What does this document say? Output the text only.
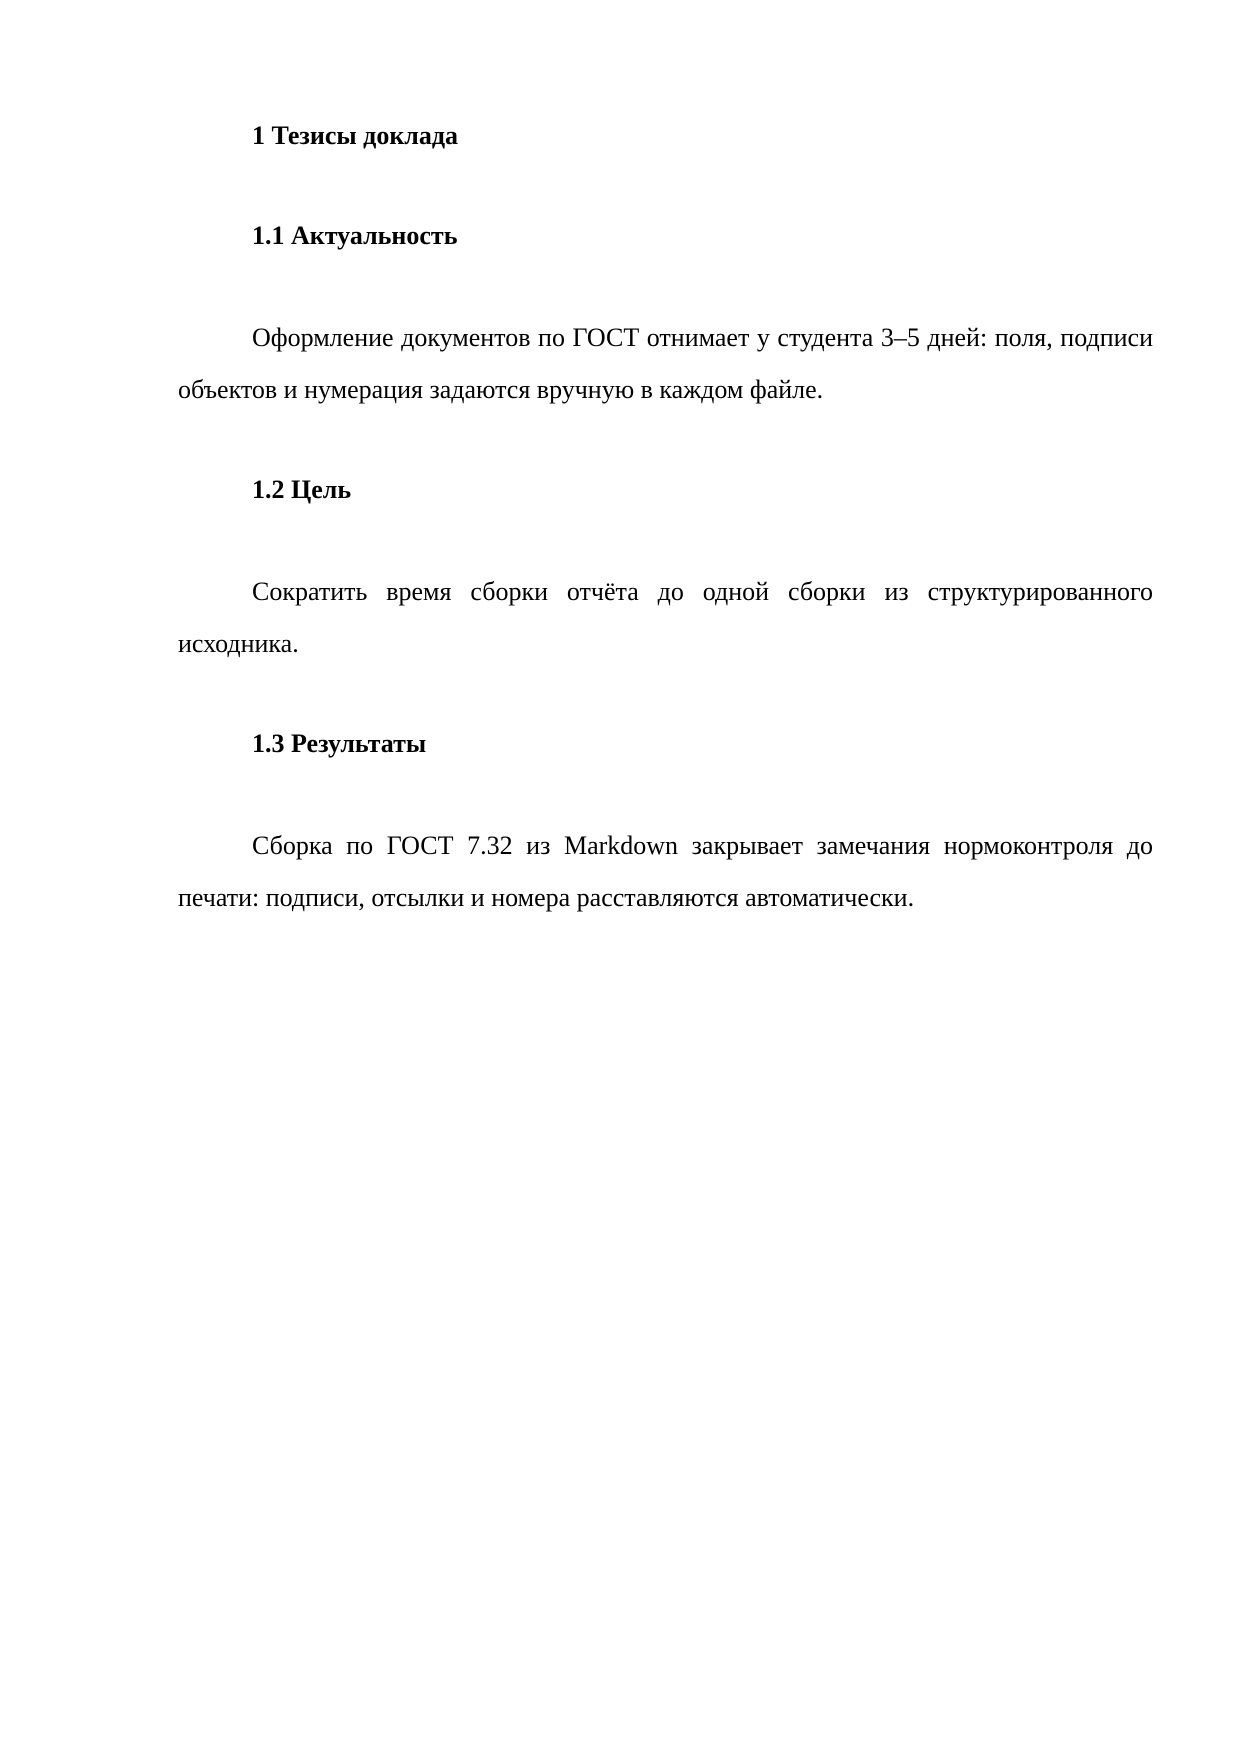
1 Тезисы доклада
1.1 Актуальность

Оформление документов по ГОСТ отнимает у студента 3–5 дней: поля, подписи объектов и нумерация задаются вручную в каждом файле.

1.2 Цель

Сократить время сборки отчёта до одной сборки из структурированного исходника.

1.3 Результаты

Сборка по ГОСТ 7.32 из Markdown закрывает замечания нормоконтроля до печати: подписи, отсылки и номера расставляются автоматически.
